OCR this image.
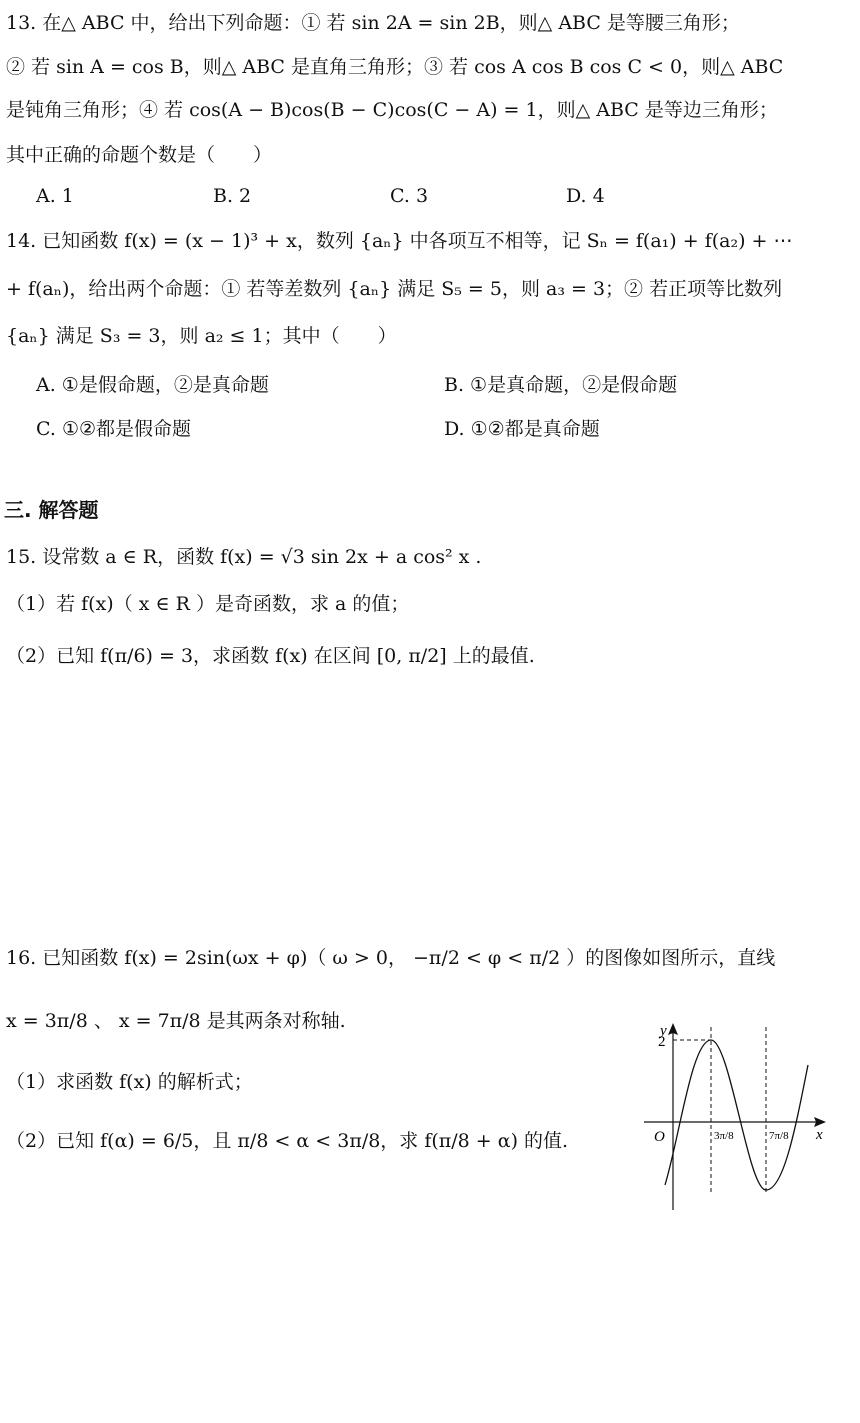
13. 在△ ABC 中，给出下列命题：① 若 sin 2A = sin 2B，则△ ABC 是等腰三角形；
② 若 sin A = cos B，则△ ABC 是直角三角形；③ 若 cos A cos B cos C < 0，则△ ABC
是钝角三角形；④ 若 cos(A − B)cos(B − C)cos(C − A) = 1，则△ ABC 是等边三角形；
其中正确的命题个数是（　　）
A. 1	B. 2	C. 3	D. 4
14. 已知函数 f(x) = (x − 1)³ + x，数列 {aₙ} 中各项互不相等，记 Sₙ = f(a₁) + f(a₂) + ⋯
+ f(aₙ)，给出两个命题：① 若等差数列 {aₙ} 满足 S₅ = 5，则 a₃ = 3；② 若正项等比数列
{aₙ} 满足 S₃ = 3，则 a₂ ≤ 1；其中（　　）
A. ①是假命题，②是真命题	B. ①是真命题，②是假命题
C. ①②都是假命题	D. ①②都是真命题
三. 解答题
15. 设常数 a ∈ R，函数 f(x) = √3 sin 2x + a cos² x .
（1）若 f(x)（ x ∈ R ）是奇函数，求 a 的值；
（2）已知 f(π/6) = 3，求函数 f(x) 在区间 [0, π/2] 上的最值.
16. 已知函数 f(x) = 2sin(ωx + φ)（ ω > 0， −π/2 < φ < π/2 ）的图像如图所示，直线
x = 3π/8 、 x = 7π/8 是其两条对称轴.
（1）求函数 f(x) 的解析式；
（2）已知 f(α) = 6/5，且 π/8 < α < 3π/8，求 f(π/8 + α) 的值.
y
x
O
2
3π/8	7π/8
